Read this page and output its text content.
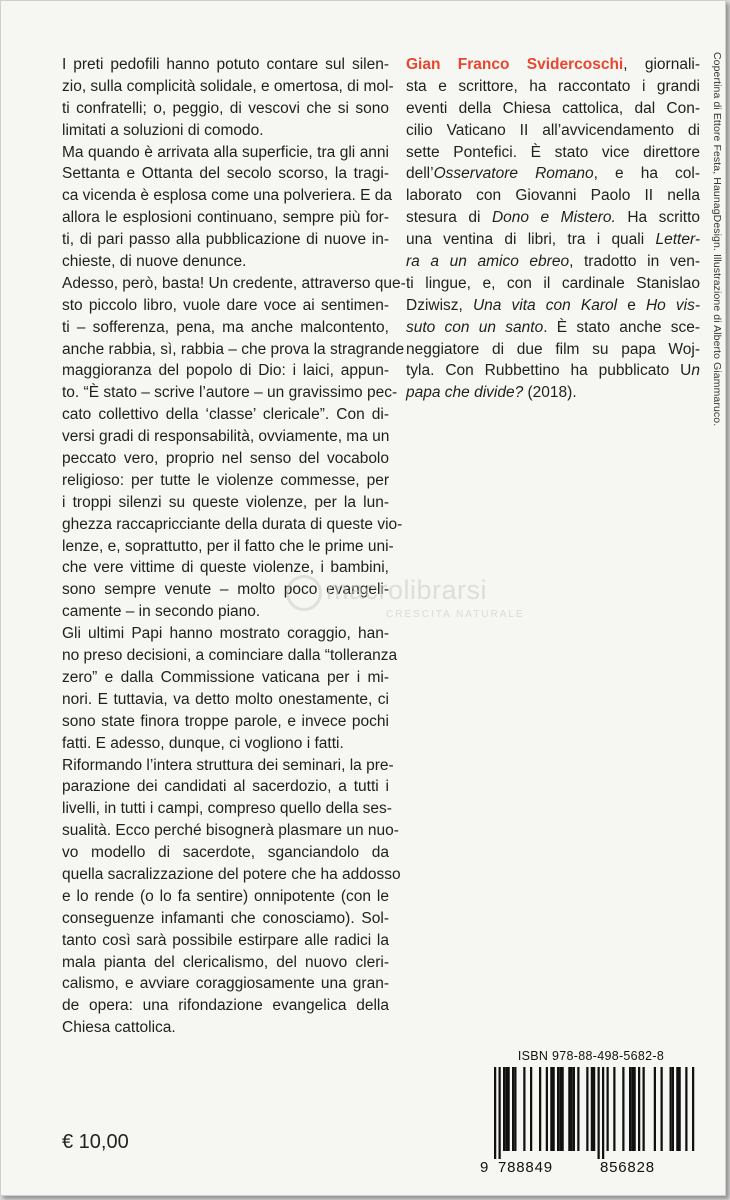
I preti pedofili hanno potuto contare sul silen-
zio, sulla complicità solidale, e omertosa, di mol-
ti confratelli; o, peggio, di vescovi che si sono
limitati a soluzioni di comodo.
Ma quando è arrivata alla superficie, tra gli anni
Settanta e Ottanta del secolo scorso, la tragi-
ca vicenda è esplosa come una polveriera. E da
allora le esplosioni continuano, sempre più for-
ti, di pari passo alla pubblicazione di nuove in-
chieste, di nuove denunce.
Adesso, però, basta! Un credente, attraverso que-
sto piccolo libro, vuole dare voce ai sentimen-
ti – sofferenza, pena, ma anche malcontento,
anche rabbia, sì, rabbia – che prova la stragrande
maggioranza del popolo di Dio: i laici, appun-
to. “È stato – scrive l’autore – un gravissimo pec-
cato collettivo della ‘classe’ clericale”. Con di-
versi gradi di responsabilità, ovviamente, ma un
peccato vero, proprio nel senso del vocabolo
religioso: per tutte le violenze commesse, per
i troppi silenzi su queste violenze, per la lun-
ghezza raccapricciante della durata di queste vio-
lenze, e, soprattutto, per il fatto che le prime uni-
che vere vittime di queste violenze, i bambini,
sono sempre venute – molto poco evangeli-
camente – in secondo piano.
Gli ultimi Papi hanno mostrato coraggio, han-
no preso decisioni, a cominciare dalla “tolleranza
zero” e dalla Commissione vaticana per i mi-
nori. E tuttavia, va detto molto onestamente, ci
sono state finora troppe parole, e invece pochi
fatti. E adesso, dunque, ci vogliono i fatti.
Riformando l’intera struttura dei seminari, la pre-
parazione dei candidati al sacerdozio, a tutti i
livelli, in tutti i campi, compreso quello della ses-
sualità. Ecco perché bisognerà plasmare un nuo-
vo modello di sacerdote, sganciandolo da
quella sacralizzazione del potere che ha addosso
e lo rende (o lo fa sentire) onnipotente (con le
conseguenze infamanti che conosciamo). Sol-
tanto così sarà possibile estirpare alle radici la
mala pianta del clericalismo, del nuovo cleri-
calismo, e avviare coraggiosamente una gran-
de opera: una rifondazione evangelica della
Chiesa cattolica.
Gian Franco Svidercoschi, giornali-
sta e scrittore, ha raccontato i grandi
eventi della Chiesa cattolica, dal Con-
cilio Vaticano II all’avvicendamento di
sette Pontefici. È stato vice direttore
dell’Osservatore Romano, e ha col-
laborato con Giovanni Paolo II nella
stesura di Dono e Mistero. Ha scritto
una ventina di libri, tra i quali Letter-
ra a un amico ebreo, tradotto in ven-
ti lingue, e, con il cardinale Stanislao
Dziwisz, Una vita con Karol e Ho vis-
suto con un santo. È stato anche sce-
neggiatore di due film su papa Woj-
tyla. Con Rubbettino ha pubblicato Un
papa che divide? (2018).	Copertina di Ettore Festa, HaunagDesign. Illustrazione di Alberto Giammaruco.
macrolibrarsi
CRESCITA NATURALE
€ 10,00
ISBN 978-88-498-5682-8
9 788849	856828
